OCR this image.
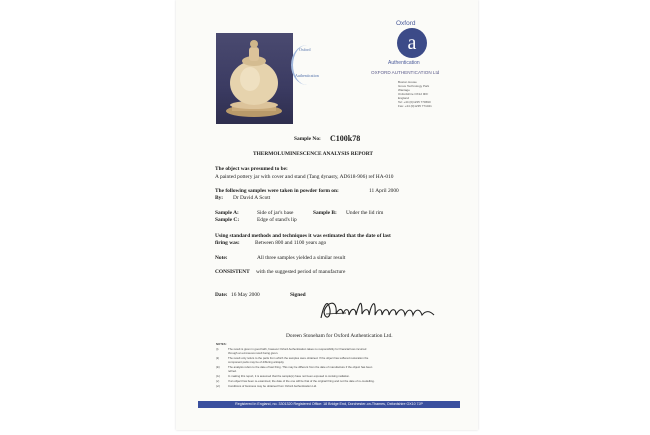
Oxford
Authentication
Oxford
a
Authentication
OXFORD AUTHENTICATION Ltd
Boston House
Grove Technology Park
Wantage
Oxfordshire OX12 9FF
England
Tel: +44 (0)1235 770690
Fax: +44 (0)1235 771021
Sample No: C100k78
THERMOLUMINESCENCE ANALYSIS REPORT
The object was presumed to be:
A painted pottery jar with cover and stand (Tang dynasty, AD618-906) ref HA-010
The following samples were taken in powder form on:	11 April 2000
By: Dr David A Scott
Sample A:	Side of jar's base	Sample B: Under the lid rim
Sample C:	Edge of stand's lip
Using standard methods and techniques it was estimated that the date of last
firing was:	Between 800 and 1100 years ago
Note:	All three samples yielded a similar result
CONSISTENT with the suggested period of manufacture
Date: 16 May 2000	Signed
Doreen Stoneham for Oxford Authentication Ltd.
NOTES:
(i)	The result is given in good faith, however Oxford Authentication takes no responsibility for financial loss incurred
through an erroneous result being given.
(ii)	The result only refers to the parts from which the samples were obtained. If the object has suffered restoration the
component parts may be of differing antiquity.
(iii)	The analysis refers to the date of last firing. This may be different from the date of manufacture if the object has been
refired.
(iv)	In making this report, it is assumed that the sample(s) have not been exposed to ionising radiation.
(v)	If an object has been re-examined, the date of the one will be that of the original firing and not the date of re-modelling.
(vi)	Conditions of business may be obtained from Oxford Authentication Ltd.
Registered in England, no. 3301320 Registered Office: 18 Bridge End, Dorchester-on-Thames, Oxfordshire OX10 7JP
